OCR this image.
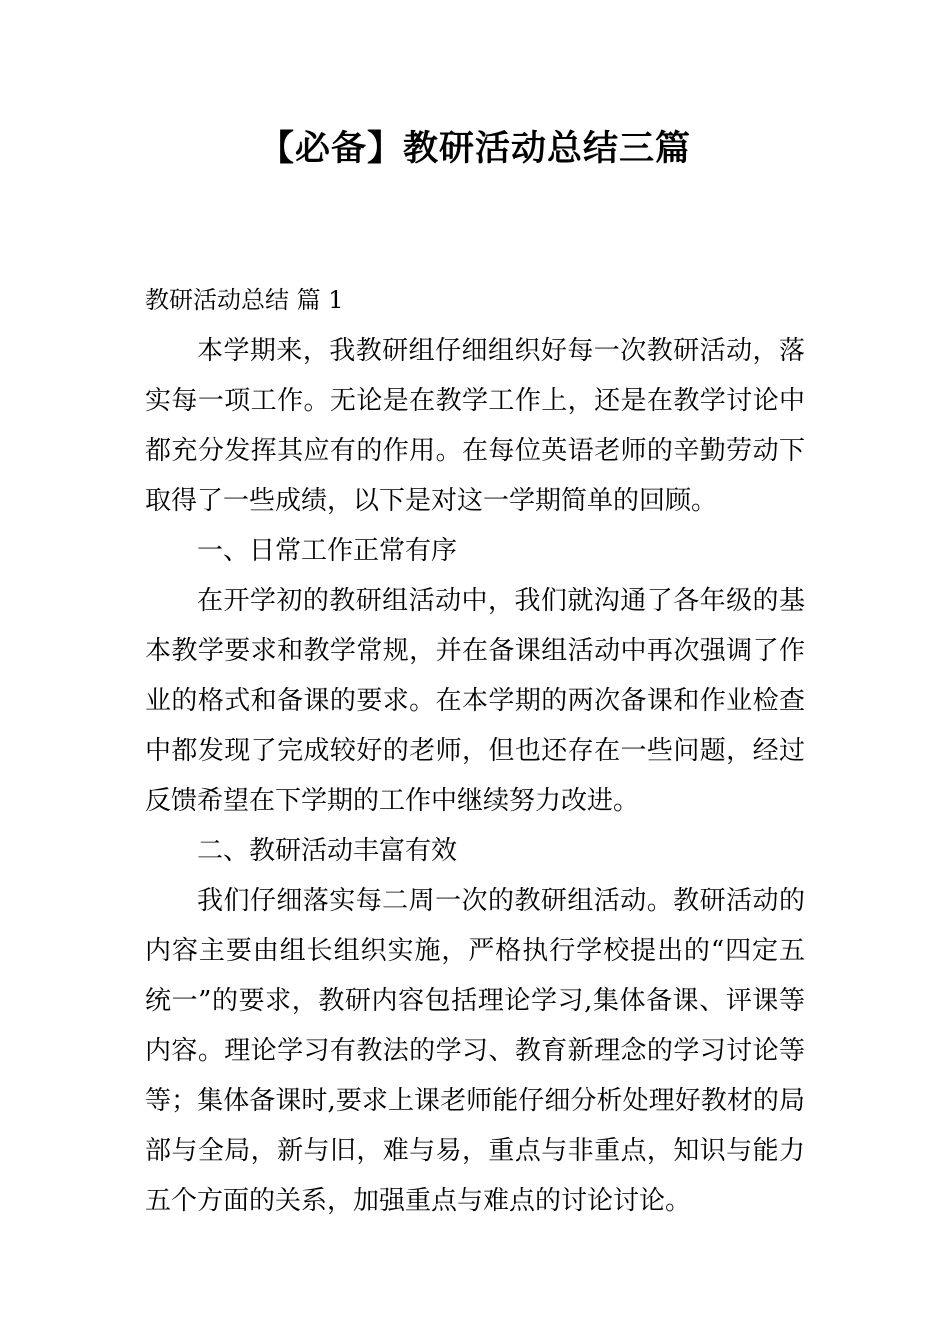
【必备】教研活动总结三篇
教研活动总结 篇 1

本学期来，我教研组仔细组织好每一次教研活动，落实每一项工作。无论是在教学工作上，还是在教学讨论中都充分发挥其应有的作用。在每位英语老师的辛勤劳动下取得了一些成绩，以下是对这一学期简单的回顾。

一、日常工作正常有序

在开学初的教研组活动中，我们就沟通了各年级的基本教学要求和教学常规，并在备课组活动中再次强调了作业的格式和备课的要求。在本学期的两次备课和作业检查中都发现了完成较好的老师，但也还存在一些问题，经过反馈希望在下学期的工作中继续努力改进。

二、教研活动丰富有效

我们仔细落实每二周一次的教研组活动。教研活动的内容主要由组长组织实施，严格执行学校提出的“四定五统一”的要求，教研内容包括理论学习,集体备课、评课等内容。理论学习有教法的学习、教育新理念的学习讨论等等；集体备课时,要求上课老师能仔细分析处理好教材的局部与全局，新与旧，难与易，重点与非重点，知识与能力五个方面的关系，加强重点与难点的讨论讨论。
